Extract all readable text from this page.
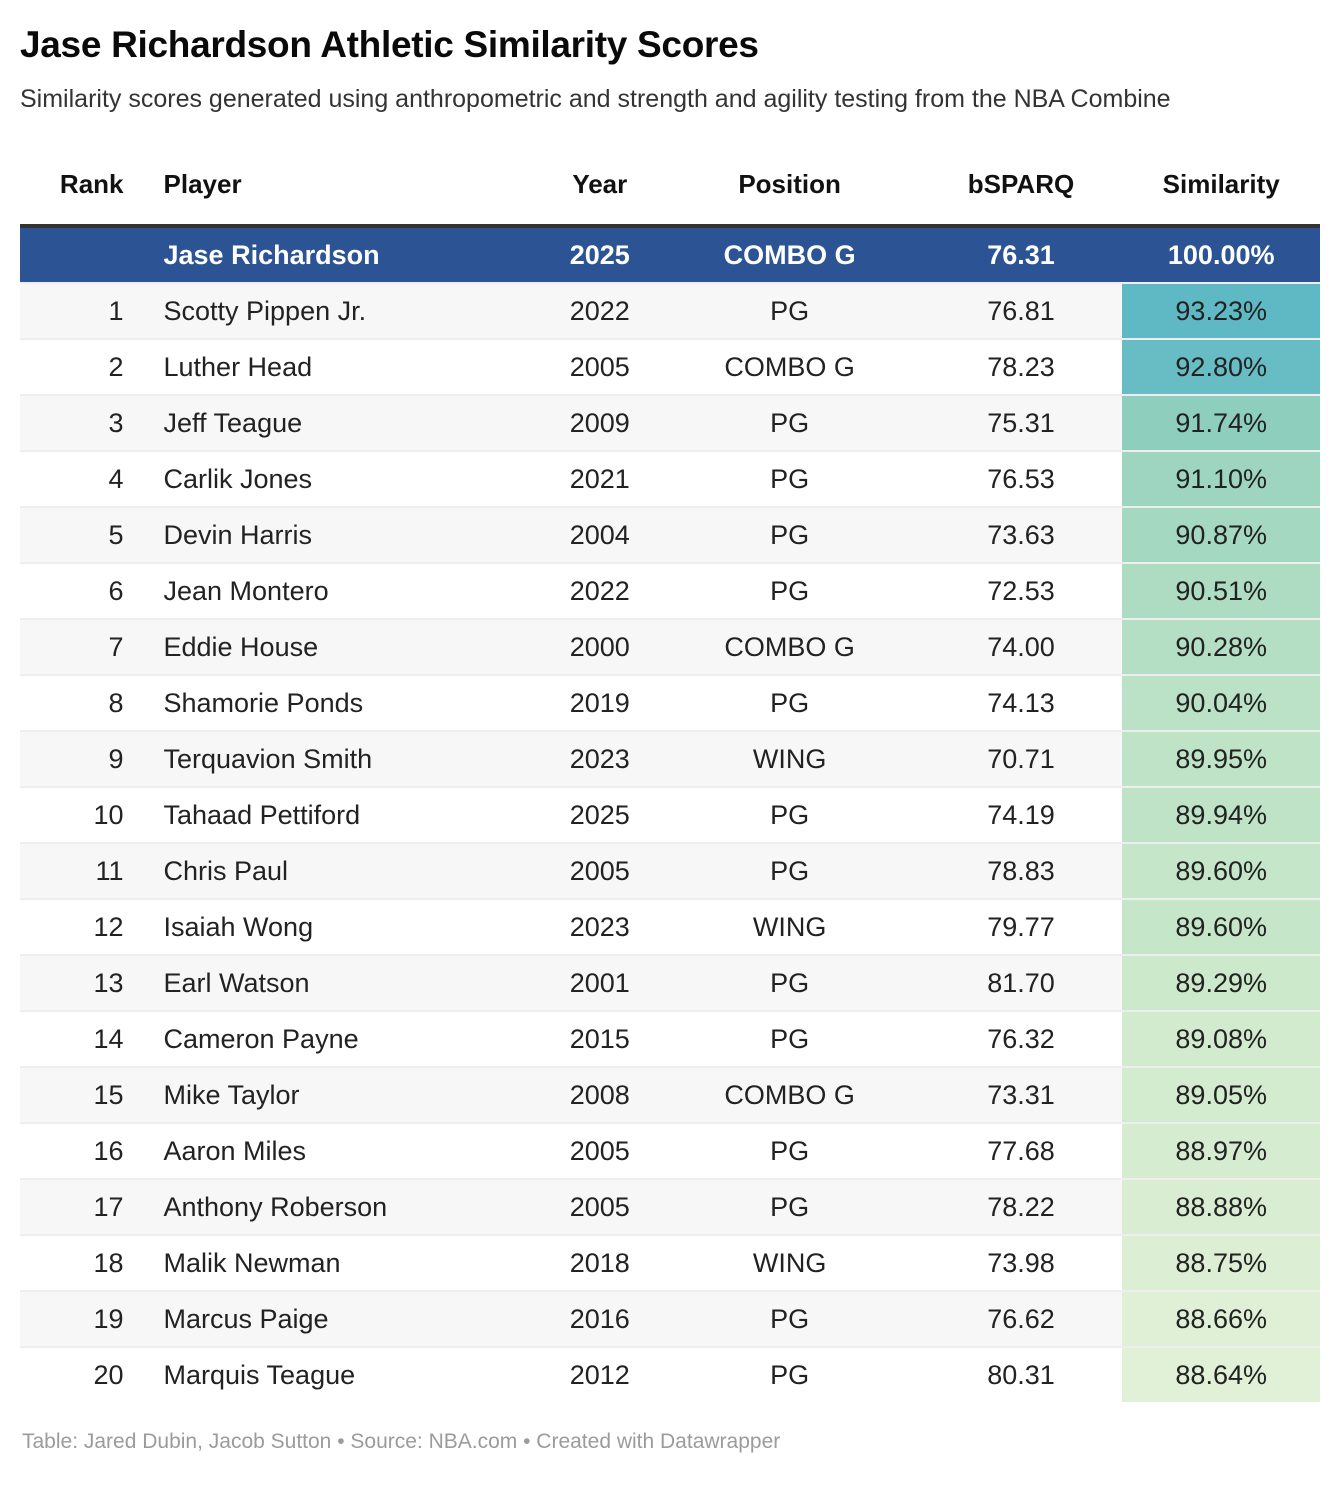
Jase Richardson Athletic Similarity Scores

Similarity scores generated using anthropometric and strength and agility testing from the NBA Combine

Rank	Player	Year	Position	bSPARQ	Similarity
	Jase Richardson	2025	COMBO G	76.31	100.00%
1	Scotty Pippen Jr.	2022	PG	76.81	93.23%
2	Luther Head	2005	COMBO G	78.23	92.80%
3	Jeff Teague	2009	PG	75.31	91.74%
4	Carlik Jones	2021	PG	76.53	91.10%
5	Devin Harris	2004	PG	73.63	90.87%
6	Jean Montero	2022	PG	72.53	90.51%
7	Eddie House	2000	COMBO G	74.00	90.28%
8	Shamorie Ponds	2019	PG	74.13	90.04%
9	Terquavion Smith	2023	WING	70.71	89.95%
10	Tahaad Pettiford	2025	PG	74.19	89.94%
11	Chris Paul	2005	PG	78.83	89.60%
12	Isaiah Wong	2023	WING	79.77	89.60%
13	Earl Watson	2001	PG	81.70	89.29%
14	Cameron Payne	2015	PG	76.32	89.08%
15	Mike Taylor	2008	COMBO G	73.31	89.05%
16	Aaron Miles	2005	PG	77.68	88.97%
17	Anthony Roberson	2005	PG	78.22	88.88%
18	Malik Newman	2018	WING	73.98	88.75%
19	Marcus Paige	2016	PG	76.62	88.66%
20	Marquis Teague	2012	PG	80.31	88.64%

Table: Jared Dubin, Jacob Sutton • Source: NBA.com • Created with Datawrapper
